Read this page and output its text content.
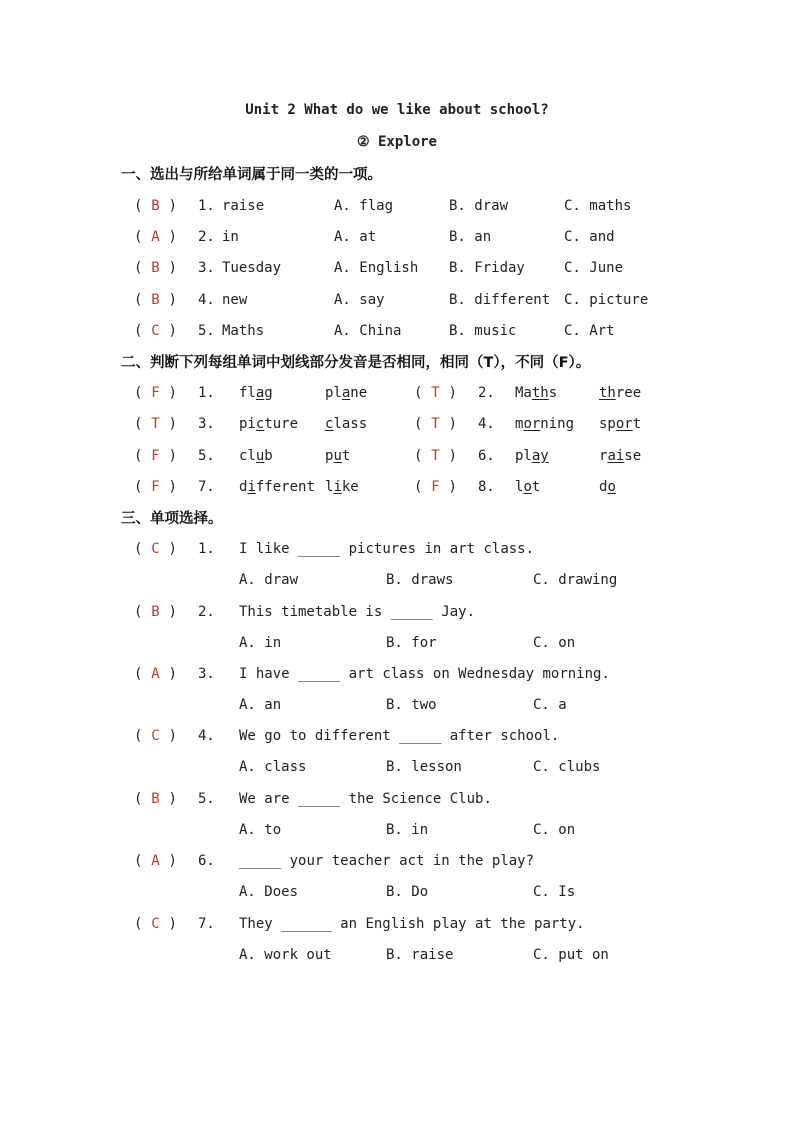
Unit 2 What do we like about school?
② Explore
一、选出与所给单词属于同一类的一项。
( B ) 1. raise	A. flag	B. draw	C. maths
( A ) 2. in	A. at	B. an	C. and
( B ) 3. Tuesday	A. English B. Friday	C. June
( B ) 4. new	A. say	B. different C. picture
( C ) 5. Maths	A. China	B. music	C. Art
二、判断下列每组单词中划线部分发音是否相同，相同（T），不同（F）。
( F ) 1. flag	plane	( T ) 2. Maths	three
( T ) 3. picture class	( T ) 4. morning sport
( F ) 5. club	put	( T ) 6. play	raise
( F ) 7. different like	( F ) 8. lot	do
三、单项选择。
( C ) 1. I like _____ pictures in art class.
A. draw	B. draws	C. drawing
( B ) 2. This timetable is _____ Jay.
A. in	B. for	C. on
( A ) 3. I have _____ art class on Wednesday morning.
A. an	B. two	C. a
( C ) 4. We go to different _____ after school.
A. class	B. lesson	C. clubs
( B ) 5. We are _____ the Science Club.
A. to	B. in	C. on
( A ) 6. _____ your teacher act in the play?
A. Does	B. Do	C. Is
( C ) 7. They ______ an English play at the party.
A. work out	B. raise	C. put on
